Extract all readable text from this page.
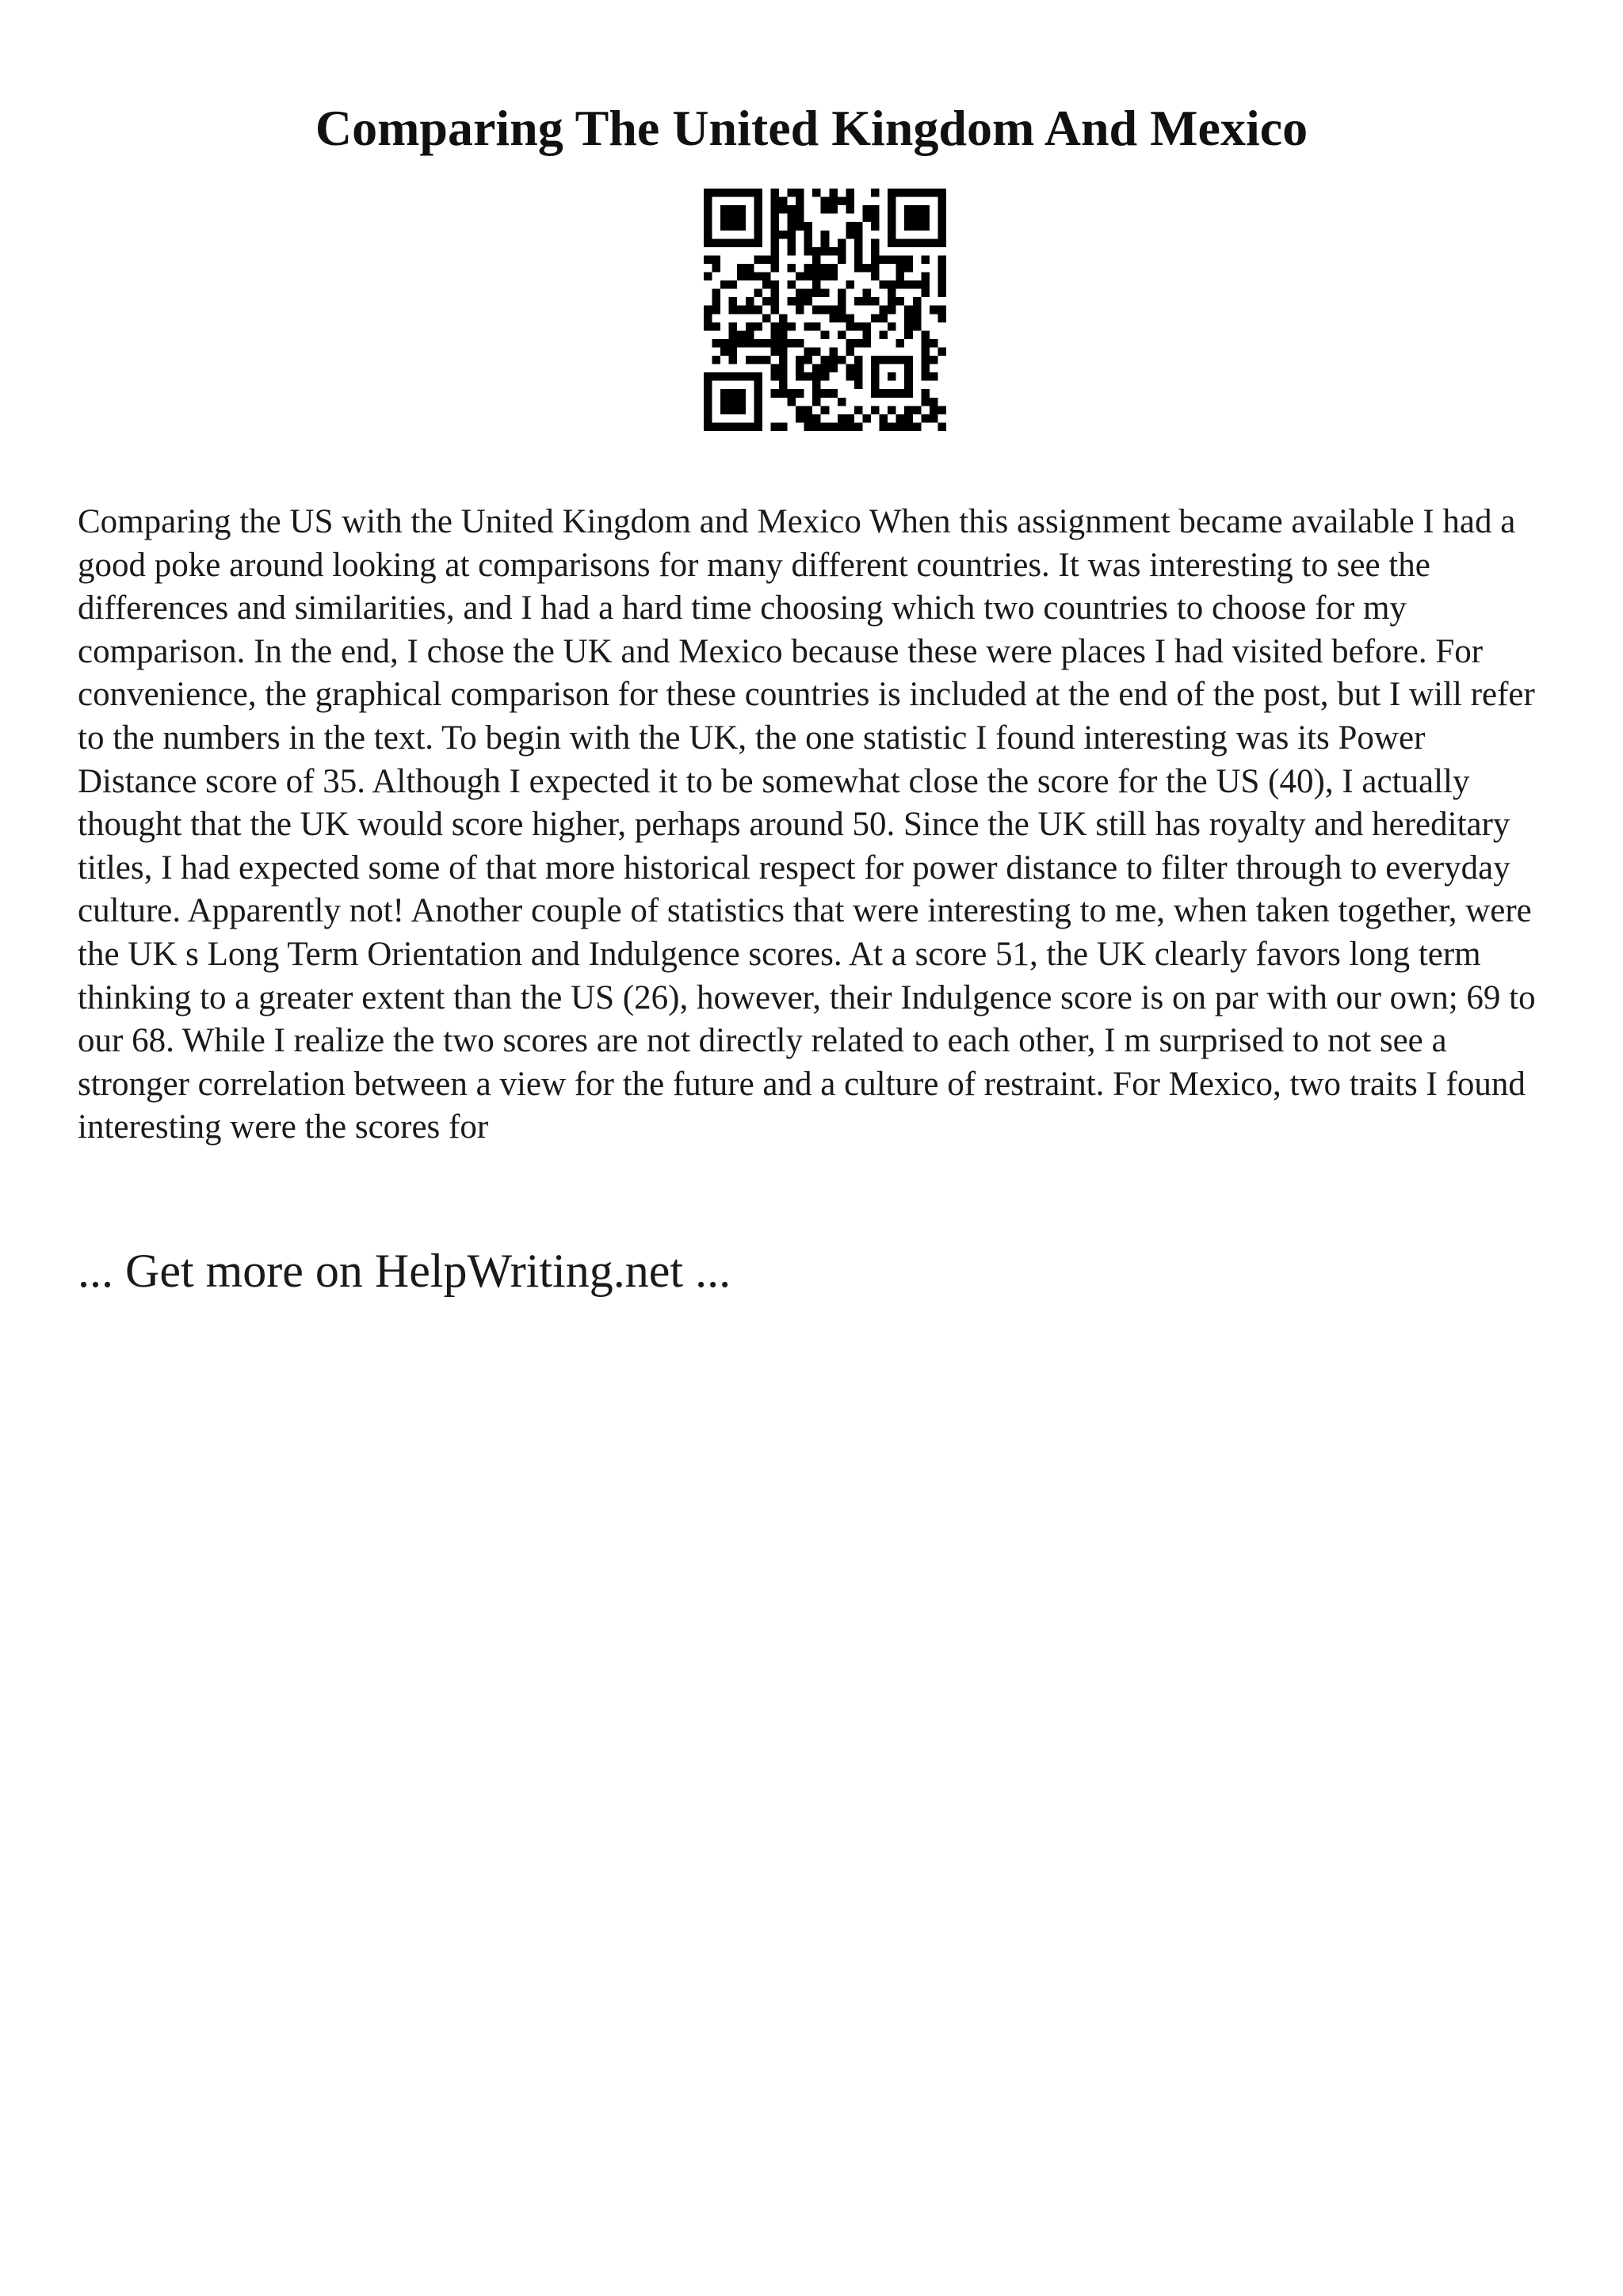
Comparing The United Kingdom And Mexico

Comparing the US with the United Kingdom and Mexico When this assignment became available I had a good poke around looking at comparisons for many different countries. It was interesting to see the differences and similarities, and I had a hard time choosing which two countries to choose for my comparison. In the end, I chose the UK and Mexico because these were places I had visited before. For convenience, the graphical comparison for these countries is included at the end of the post, but I will refer to the numbers in the text. To begin with the UK, the one statistic I found interesting was its Power Distance score of 35. Although I expected it to be somewhat close the score for the US (40), I actually thought that the UK would score higher, perhaps around 50. Since the UK still has royalty and hereditary titles, I had expected some of that more historical respect for power distance to filter through to everyday culture. Apparently not! Another couple of statistics that were interesting to me, when taken together, were the UK s Long Term Orientation and Indulgence scores. At a score 51, the UK clearly favors long term thinking to a greater extent than the US (26), however, their Indulgence score is on par with our own; 69 to our 68. While I realize the two scores are not directly related to each other, I m surprised to not see a stronger correlation between a view for the future and a culture of restraint. For Mexico, two traits I found interesting were the scores for

... Get more on HelpWriting.net ...
